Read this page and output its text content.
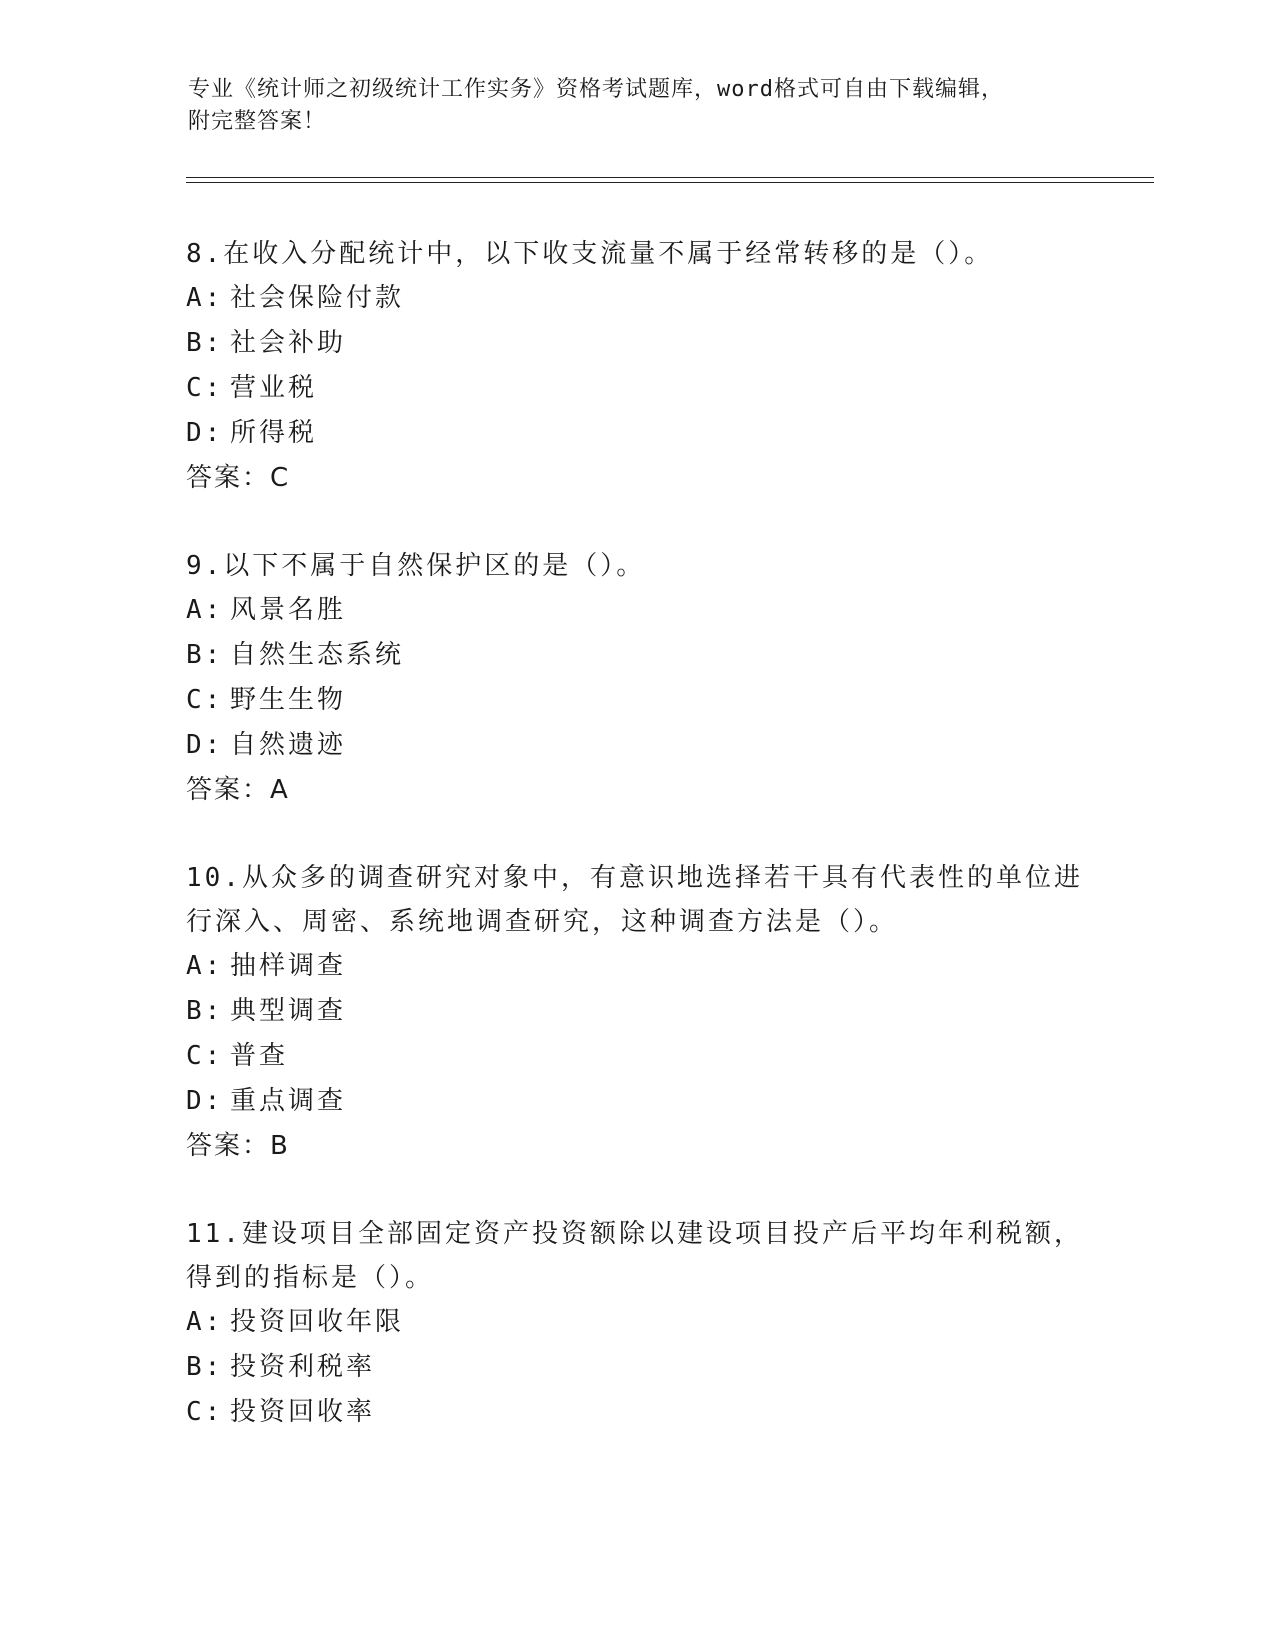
专业《统计师之初级统计工作实务》资格考试题库，word格式可自由下载编辑，
附完整答案！

8.在收入分配统计中，以下收支流量不属于经常转移的是（）。

A: 社会保险付款

B: 社会补助

C: 营业税

D: 所得税

答案：C

9.以下不属于自然保护区的是（）。

A: 风景名胜

B: 自然生态系统

C: 野生生物

D: 自然遗迹

答案：A

10.从众多的调查研究对象中，有意识地选择若干具有代表性的单位进行深入、周密、系统地调查研究，这种调查方法是（）。

A: 抽样调查

B: 典型调查

C: 普查

D: 重点调查

答案：B

11.建设项目全部固定资产投资额除以建设项目投产后平均年利税额，得到的指标是（）。

A: 投资回收年限

B: 投资利税率

C: 投资回收率
